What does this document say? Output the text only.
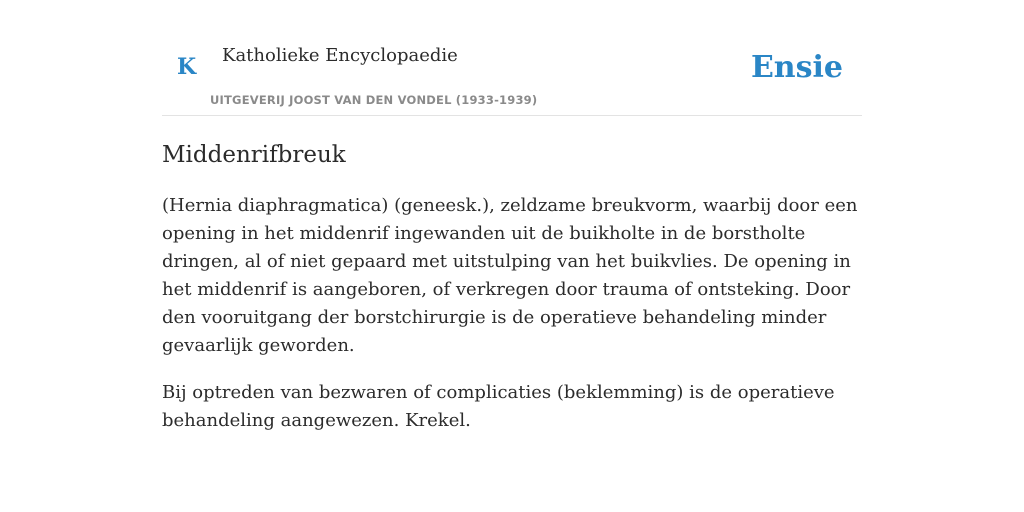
K Katholieke Encyclopaedie
UITGEVERIJ JOOST VAN DEN VONDEL (1933-1939)
Ensie
Middenrifbreuk

(Hernia diaphragmatica) (geneesk.), zeldzame breukvorm, waarbij door een opening in het middenrif ingewanden uit de buikholte in de borstholte dringen, al of niet gepaard met uitstulping van het buikvlies. De opening in het middenrif is aangeboren, of verkregen door trauma of ontsteking. Door den vooruitgang der borstchirurgie is de operatieve behandeling minder gevaarlijk geworden.

Bij optreden van bezwaren of complicaties (beklemming) is de operatieve behandeling aangewezen. Krekel.
